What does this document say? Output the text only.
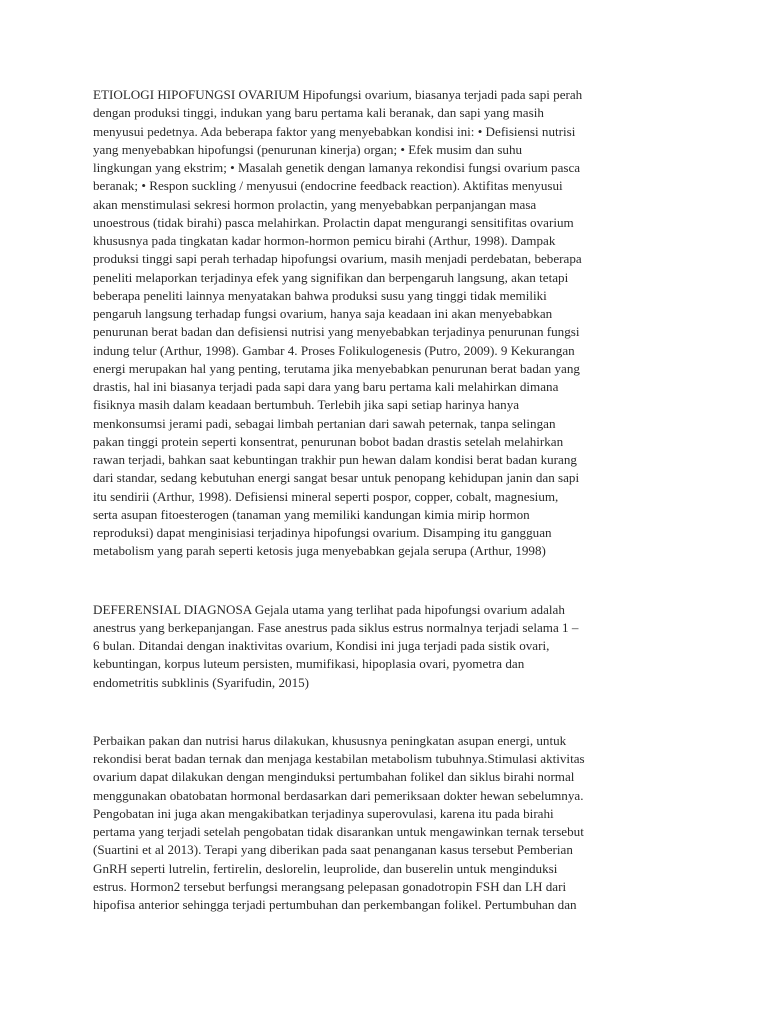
ETIOLOGI HIPOFUNGSI OVARIUM Hipofungsi ovarium, biasanya terjadi pada sapi perah
dengan produksi tinggi, indukan yang baru pertama kali beranak, dan sapi yang masih
menyusui pedetnya. Ada beberapa faktor yang menyebabkan kondisi ini: • Defisiensi nutrisi
yang menyebabkan hipofungsi (penurunan kinerja) organ; • Efek musim dan suhu
lingkungan yang ekstrim; • Masalah genetik dengan lamanya rekondisi fungsi ovarium pasca
beranak; • Respon suckling / menyusui (endocrine feedback reaction). Aktifitas menyusui
akan menstimulasi sekresi hormon prolactin, yang menyebabkan perpanjangan masa
unoestrous (tidak birahi) pasca melahirkan. Prolactin dapat mengurangi sensitifitas ovarium
khususnya pada tingkatan kadar hormon-hormon pemicu birahi (Arthur, 1998). Dampak
produksi tinggi sapi perah terhadap hipofungsi ovarium, masih menjadi perdebatan, beberapa
peneliti melaporkan terjadinya efek yang signifikan dan berpengaruh langsung, akan tetapi
beberapa peneliti lainnya menyatakan bahwa produksi susu yang tinggi tidak memiliki
pengaruh langsung terhadap fungsi ovarium, hanya saja keadaan ini akan menyebabkan
penurunan berat badan dan defisiensi nutrisi yang menyebabkan terjadinya penurunan fungsi
indung telur (Arthur, 1998). Gambar 4. Proses Folikulogenesis (Putro, 2009). 9 Kekurangan
energi merupakan hal yang penting, terutama jika menyebabkan penurunan berat badan yang
drastis, hal ini biasanya terjadi pada sapi dara yang baru pertama kali melahirkan dimana
fisiknya masih dalam keadaan bertumbuh. Terlebih jika sapi setiap harinya hanya
menkonsumsi jerami padi, sebagai limbah pertanian dari sawah peternak, tanpa selingan
pakan tinggi protein seperti konsentrat, penurunan bobot badan drastis setelah melahirkan
rawan terjadi, bahkan saat kebuntingan trakhir pun hewan dalam kondisi berat badan kurang
dari standar, sedang kebutuhan energi sangat besar untuk penopang kehidupan janin dan sapi
itu sendirii (Arthur, 1998). Defisiensi mineral seperti pospor, copper, cobalt, magnesium,
serta asupan fitoesterogen (tanaman yang memiliki kandungan kimia mirip hormon
reproduksi) dapat menginisiasi terjadinya hipofungsi ovarium. Disamping itu gangguan
metabolism yang parah seperti ketosis juga menyebabkan gejala serupa (Arthur, 1998)
DEFERENSIAL DIAGNOSA Gejala utama yang terlihat pada hipofungsi ovarium adalah
anestrus yang berkepanjangan. Fase anestrus pada siklus estrus normalnya terjadi selama 1 –
6 bulan. Ditandai dengan inaktivitas ovarium, Kondisi ini juga terjadi pada sistik ovari,
kebuntingan, korpus luteum persisten, mumifikasi, hipoplasia ovari, pyometra dan
endometritis subklinis (Syarifudin, 2015)
Perbaikan pakan dan nutrisi harus dilakukan, khususnya peningkatan asupan energi, untuk
rekondisi berat badan ternak dan menjaga kestabilan metabolism tubuhnya.Stimulasi aktivitas
ovarium dapat dilakukan dengan menginduksi pertumbahan folikel dan siklus birahi normal
menggunakan obatobatan hormonal berdasarkan dari pemeriksaan dokter hewan sebelumnya.
Pengobatan ini juga akan mengakibatkan terjadinya superovulasi, karena itu pada birahi
pertama yang terjadi setelah pengobatan tidak disarankan untuk mengawinkan ternak tersebut
(Suartini et al 2013). Terapi yang diberikan pada saat penanganan kasus tersebut Pemberian
GnRH seperti lutrelin, fertirelin, deslorelin, leuprolide, dan buserelin untuk menginduksi
estrus. Hormon2 tersebut berfungsi merangsang pelepasan gonadotropin FSH dan LH dari
hipofisa anterior sehingga terjadi pertumbuhan dan perkembangan folikel. Pertumbuhan dan
